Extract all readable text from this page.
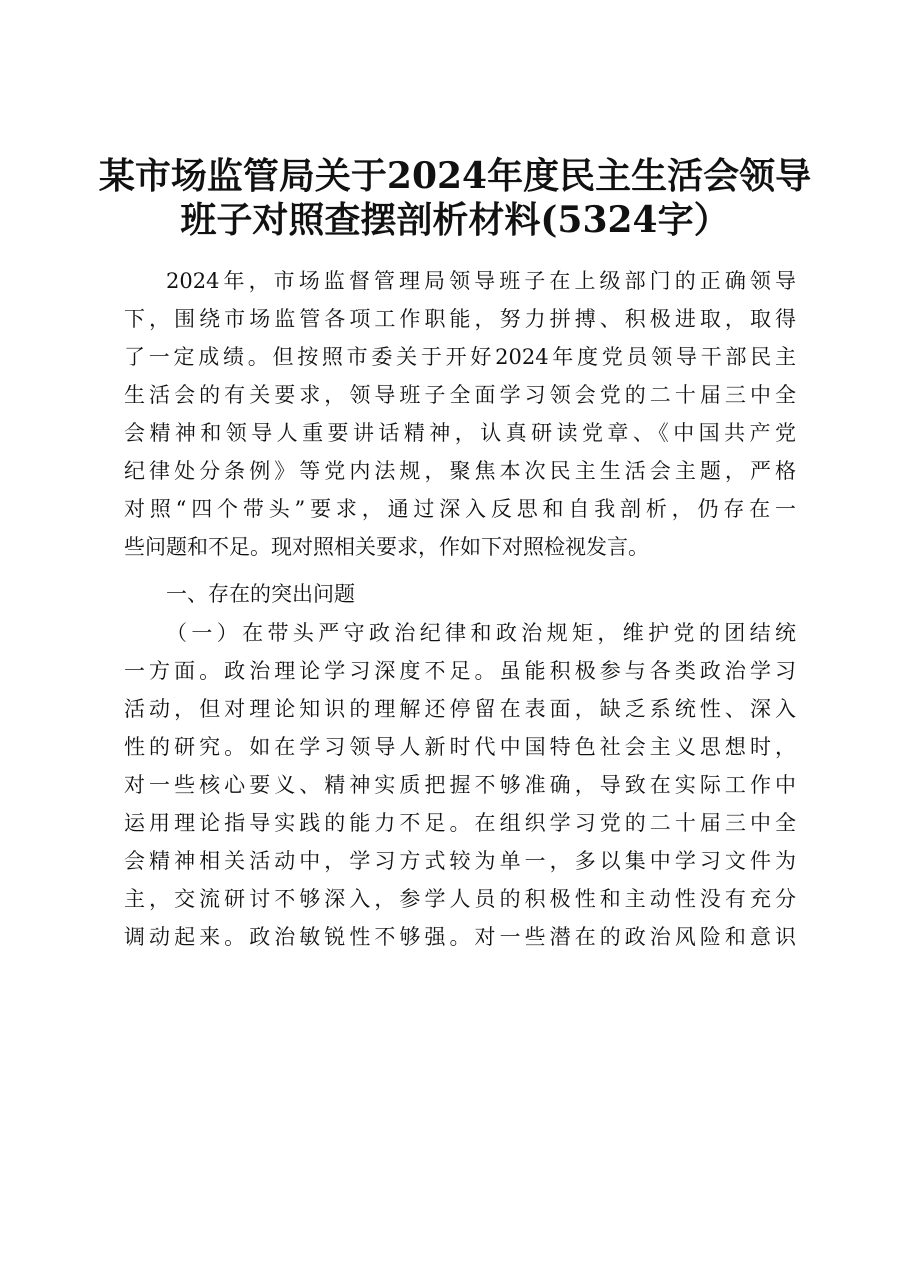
某市场监管局关于2024年度民主生活会领导
班子对照查摆剖析材料(5324字）
2024年，市场监督管理局领导班子在上级部门的正确领导
下，围绕市场监管各项工作职能，努力拼搏、积极进取，取得
了一定成绩。但按照市委关于开好2024年度党员领导干部民主
生活会的有关要求，领导班子全面学习领会党的二十届三中全
会精神和领导人重要讲话精神，认真研读党章、《中国共产党
纪律处分条例》等党内法规，聚焦本次民主生活会主题，严格
对照“四个带头”要求，通过深入反思和自我剖析，仍存在一
些问题和不足。现对照相关要求，作如下对照检视发言。
一、存在的突出问题
（一）在带头严守政治纪律和政治规矩，维护党的团结统
一方面。政治理论学习深度不足。虽能积极参与各类政治学习
活动，但对理论知识的理解还停留在表面，缺乏系统性、深入
性的研究。如在学习领导人新时代中国特色社会主义思想时，
对一些核心要义、精神实质把握不够准确，导致在实际工作中
运用理论指导实践的能力不足。在组织学习党的二十届三中全
会精神相关活动中，学习方式较为单一，多以集中学习文件为
主，交流研讨不够深入，参学人员的积极性和主动性没有充分
调动起来。政治敏锐性不够强。对一些潜在的政治风险和意识
